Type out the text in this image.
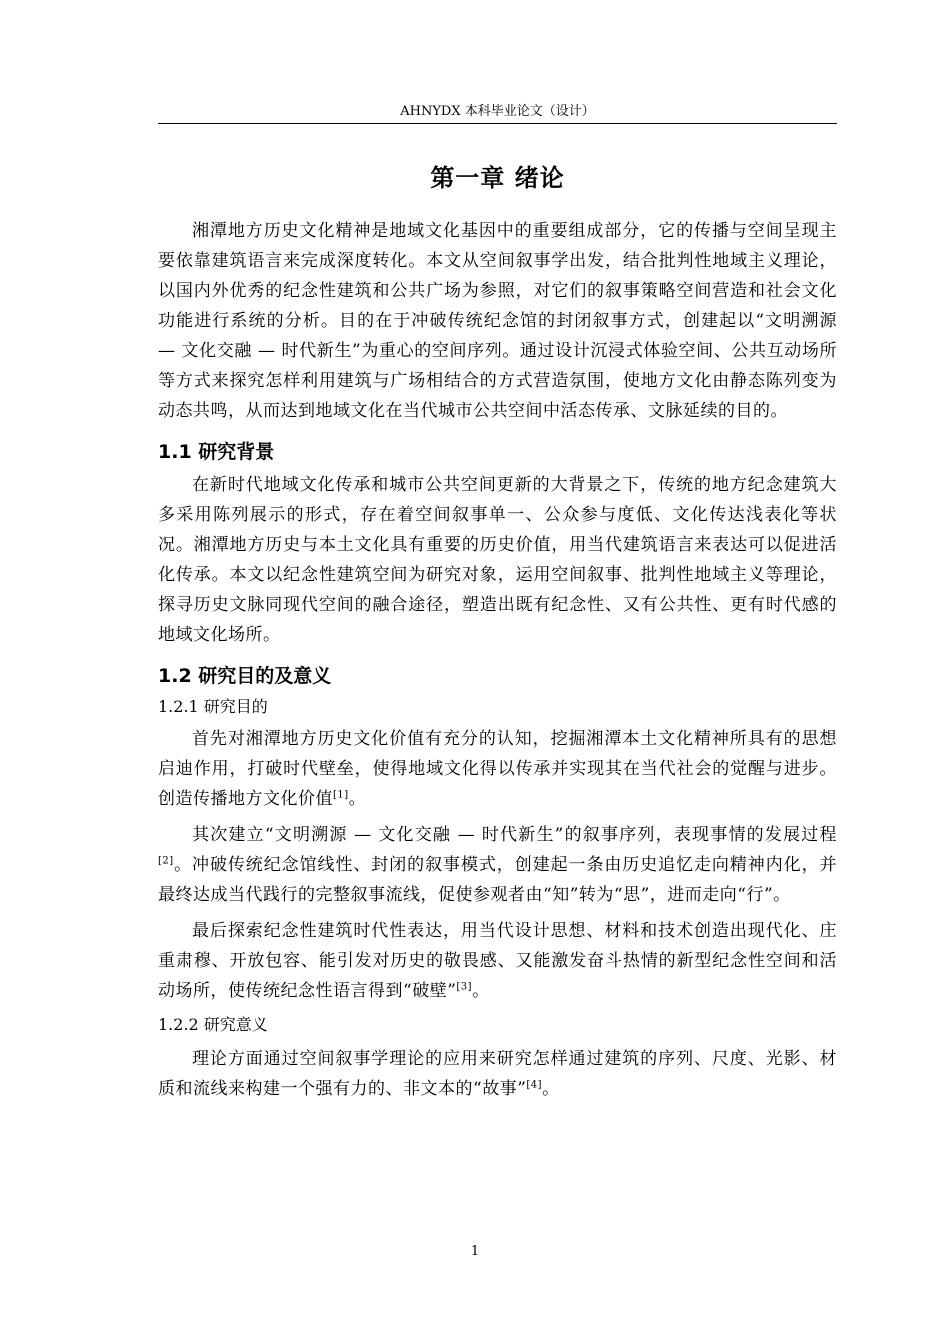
AHNYDX 本科毕业论文（设计）
第一章 绪论

湘潭地方历史文化精神是地域文化基因中的重要组成部分，它的传播与空间呈现主要依靠建筑语言来完成深度转化。本文从空间叙事学出发，结合批判性地域主义理论，以国内外优秀的纪念性建筑和公共广场为参照，对它们的叙事策略空间营造和社会文化功能进行系统的分析。目的在于冲破传统纪念馆的封闭叙事方式，创建起以“文明溯源 — 文化交融 — 时代新生”为重心的空间序列。通过设计沉浸式体验空间、公共互动场所等方式来探究怎样利用建筑与广场相结合的方式营造氛围，使地方文化由静态陈列变为动态共鸣，从而达到地域文化在当代城市公共空间中活态传承、文脉延续的目的。

1.1 研究背景

在新时代地域文化传承和城市公共空间更新的大背景之下，传统的地方纪念建筑大多采用陈列展示的形式，存在着空间叙事单一、公众参与度低、文化传达浅表化等状况。湘潭地方历史与本土文化具有重要的历史价值，用当代建筑语言来表达可以促进活化传承。本文以纪念性建筑空间为研究对象，运用空间叙事、批判性地域主义等理论，探寻历史文脉同现代空间的融合途径，塑造出既有纪念性、又有公共性、更有时代感的地域文化场所。

1.2 研究目的及意义
1.2.1 研究目的

首先对湘潭地方历史文化价值有充分的认知，挖掘湘潭本土文化精神所具有的思想启迪作用，打破时代壁垒，使得地域文化得以传承并实现其在当代社会的觉醒与进步。创造传播地方文化价值[1]。

其次建立“文明溯源 — 文化交融 — 时代新生”的叙事序列，表现事情的发展过程[2]。冲破传统纪念馆线性、封闭的叙事模式，创建起一条由历史追忆走向精神内化，并最终达成当代践行的完整叙事流线，促使参观者由“知”转为“思”，进而走向“行”。

最后探索纪念性建筑时代性表达，用当代设计思想、材料和技术创造出现代化、庄重肃穆、开放包容、能引发对历史的敬畏感、又能激发奋斗热情的新型纪念性空间和活动场所，使传统纪念性语言得到“破壁”[3]。

1.2.2 研究意义

理论方面通过空间叙事学理论的应用来研究怎样通过建筑的序列、尺度、光影、材质和流线来构建一个强有力的、非文本的“故事”[4]。

1
